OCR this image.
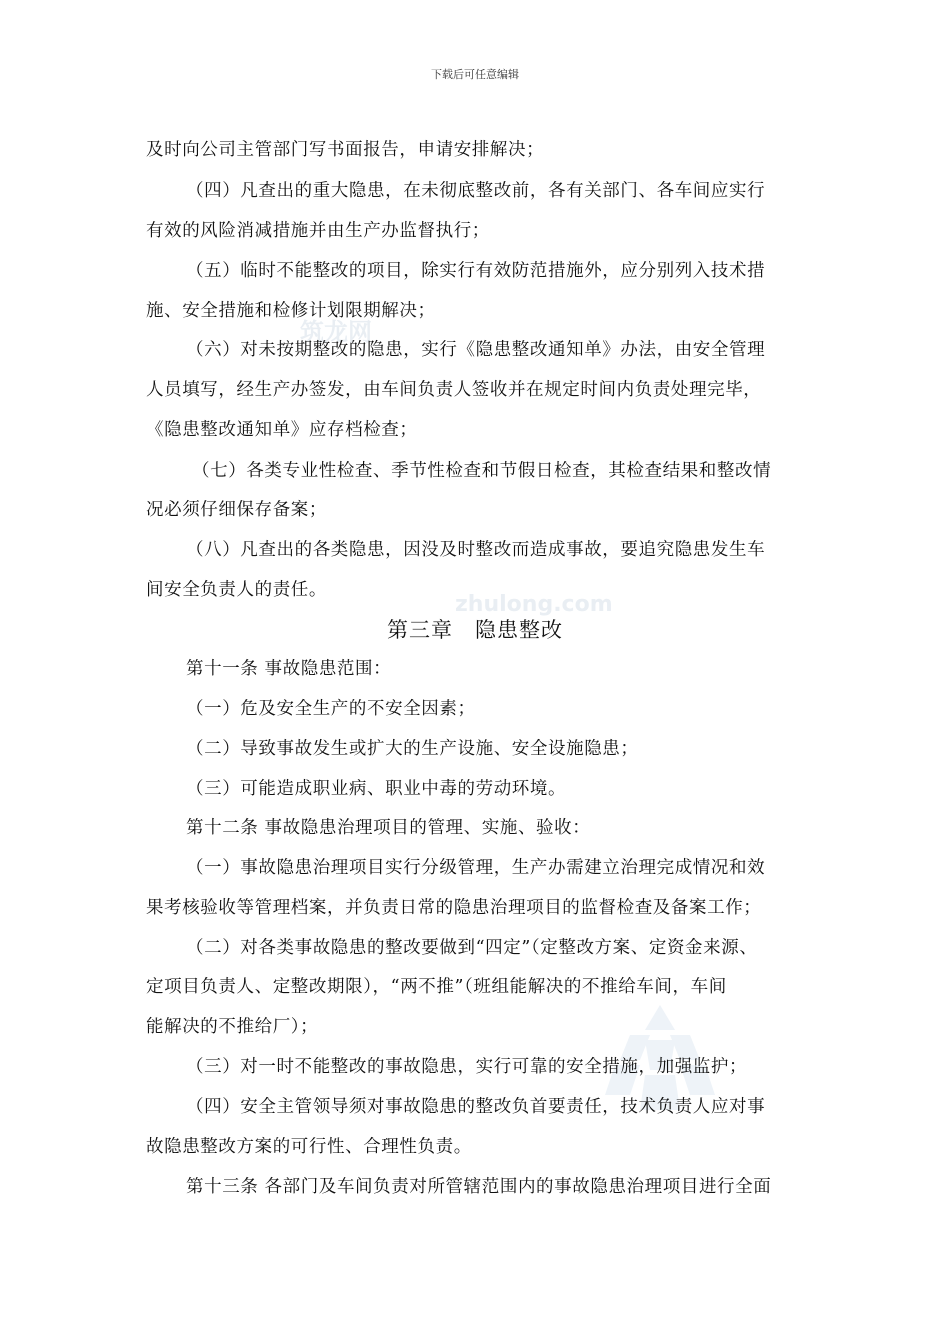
下载后可任意编辑
筑龙网
zhulong.com
及时向公司主管部门写书面报告，申请安排解决；
（四）凡查出的重大隐患，在未彻底整改前，各有关部门、各车间应实行
有效的风险消减措施并由生产办监督执行；
（五）临时不能整改的项目，除实行有效防范措施外，应分别列入技术措
施、安全措施和检修计划限期解决；
（六）对未按期整改的隐患，实行《隐患整改通知单》办法，由安全管理
人员填写，经生产办签发，由车间负责人签收并在规定时间内负责处理完毕，
《隐患整改通知单》应存档检查；
（七）各类专业性检查、季节性检查和节假日检查，其检查结果和整改情
况必须仔细保存备案；
（八）凡查出的各类隐患，因没及时整改而造成事故，要追究隐患发生车
间安全负责人的责任。
第三章　隐患整改
第十一条 事故隐患范围：
（一）危及安全生产的不安全因素；
（二）导致事故发生或扩大的生产设施、安全设施隐患；
（三）可能造成职业病、职业中毒的劳动环境。
第十二条 事故隐患治理项目的管理、实施、验收：
（一）事故隐患治理项目实行分级管理，生产办需建立治理完成情况和效
果考核验收等管理档案，并负责日常的隐患治理项目的监督检查及备案工作；
（二）对各类事故隐患的整改要做到“四定”（定整改方案、定资金来源、
定项目负责人、定整改期限），“两不推”（班组能解决的不推给车间，车间
能解决的不推给厂）；
（三）对一时不能整改的事故隐患，实行可靠的安全措施，加强监护；
（四）安全主管领导须对事故隐患的整改负首要责任，技术负责人应对事
故隐患整改方案的可行性、合理性负责。
第十三条 各部门及车间负责对所管辖范围内的事故隐患治理项目进行全面
